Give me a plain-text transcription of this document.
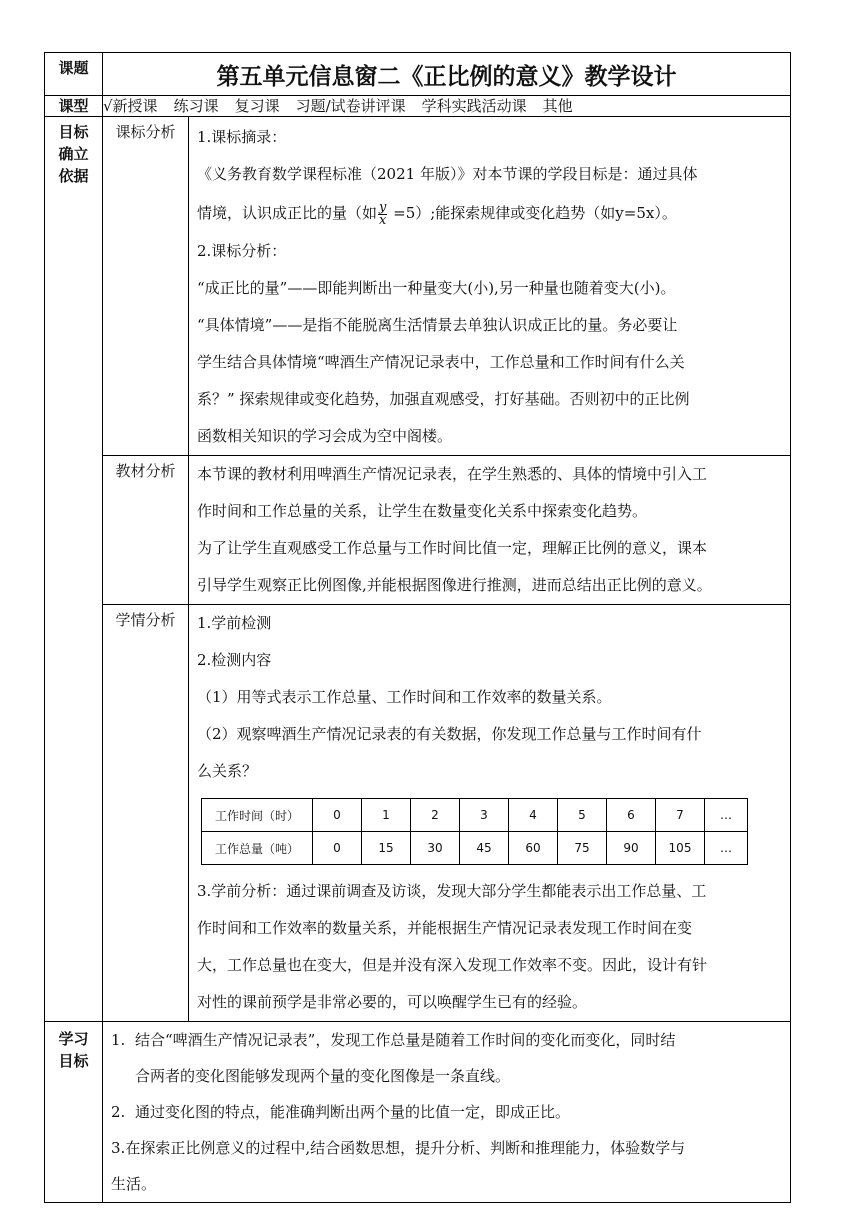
课题	第五单元信息窗二《正比例的意义》教学设计
课型	√新授课 练习课 复习课 习题/试卷讲评课 学科实践活动课 其他
目标确立依据	课标分析	1.课标摘录：
《义务教育数学课程标准（2021 年版）》对本节课的学段目标是：通过具体
情境，认识成正比的量（如 $\frac{y}{x} =5$）;能探索规律或变化趋势（如y=5x）。
2.课标分析：
“成正比的量”——即能判断出一种量变大(小),另一种量也随着变大(小)。
“具体情境”——是指不能脱离生活情景去单独认识成正比的量。务必要让
学生结合具体情境“啤酒生产情况记录表中，工作总量和工作时间有什么关
系？” 探索规律或变化趋势，加强直观感受，打好基础。否则初中的正比例
函数相关知识的学习会成为空中阁楼。

教材分析	本节课的教材利用啤酒生产情况记录表，在学生熟悉的、具体的情境中引入工
作时间和工作总量的关系，让学生在数量变化关系中探索变化趋势。
为了让学生直观感受工作总量与工作时间比值一定，理解正比例的意义，课本
引导学生观察正比例图像,并能根据图像进行推测，进而总结出正比例的意义。

学情分析	1.学前检测
2.检测内容
（1）用等式表示工作总量、工作时间和工作效率的数量关系。
（2）观察啤酒生产情况记录表的有关数据，你发现工作总量与工作时间有什
么关系？
工作时间（时）	0	1	2	3	4	5	6	7	…
工作总量（吨）	0	15	30	45	60	75	90	105	…
3.学前分析：通过课前调查及访谈，发现大部分学生都能表示出工作总量、工
作时间和工作效率的数量关系，并能根据生产情况记录表发现工作时间在变
大，工作总量也在变大，但是并没有深入发现工作效率不变。因此，设计有针
对性的课前预学是非常必要的，可以唤醒学生已有的经验。

学习目标	
1. 结合“啤酒生产情况记录表”，发现工作总量是随着工作时间的变化而变化，同时结
合两者的变化图能够发现两个量的变化图像是一条直线。
2. 通过变化图的特点，能准确判断出两个量的比值一定，即成正比。
3.在探索正比例意义的过程中,结合函数思想，提升分析、判断和推理能力，体验数学与
生活。
